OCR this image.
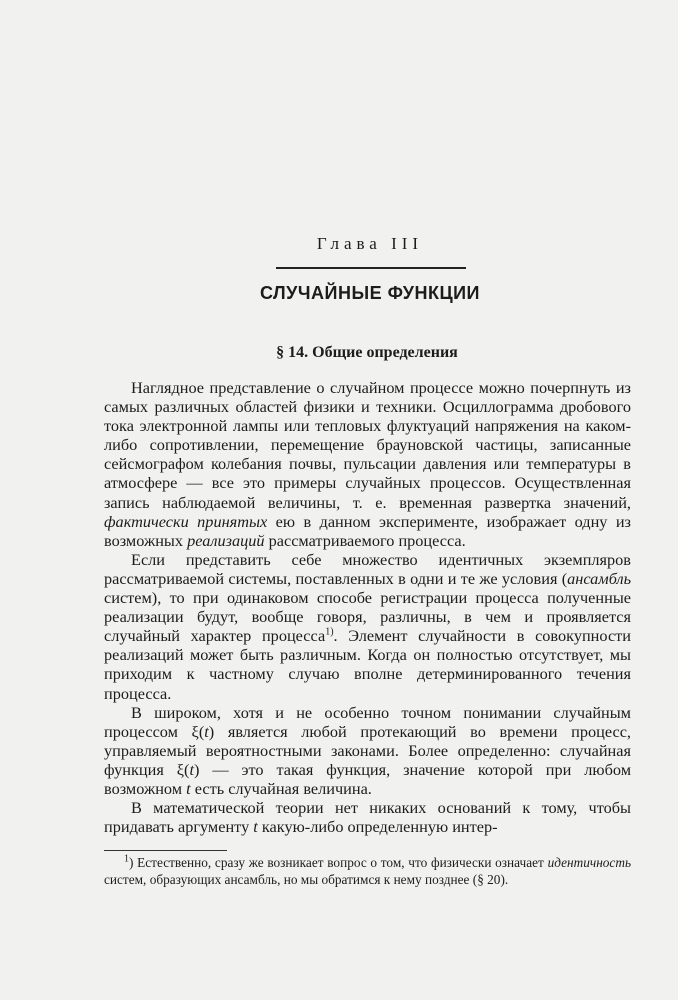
Глава III
СЛУЧАЙНЫЕ ФУНКЦИИ
§ 14. Общие определения

Наглядное представление о случайном процессе можно почерпнуть из самых различных областей физики и техники. Осциллограмма дробового тока электронной лампы или тепловых флуктуаций напряжения на каком-либо сопротивлении, перемещение брауновской частицы, записанные сейсмографом колебания почвы, пульсации давления или температуры в атмосфере — все это примеры случайных процессов. Осуществленная запись наблюдаемой величины, т. е. временная развертка значений, фактически принятых ею в данном эксперименте, изображает одну из возможных реализаций рассматриваемого процесса.

Если представить себе множество идентичных экземпляров рассматриваемой системы, поставленных в одни и те же условия (ансамбль систем), то при одинаковом способе регистрации процесса полученные реализации будут, вообще говоря, различны, в чем и проявляется случайный характер процесса$^{1)}$. Элемент случайности в совокупности реализаций может быть различным. Когда он полностью отсутствует, мы приходим к частному случаю вполне детерминированного течения процесса.

В широком, хотя и не особенно точном понимании случайным процессом ξ(t) является любой протекающий во времени процесс, управляемый вероятностными законами. Более определенно: случайная функция ξ(t) — это такая функция, значение которой при любом возможном t есть случайная величина.

В математической теории нет никаких оснований к тому, чтобы придавать аргументу t какую-либо определенную интер-

$^1$) Естественно, сразу же возникает вопрос о том, что физически означает идентичность систем, образующих ансамбль, но мы обратимся к нему позднее (§ 20).
